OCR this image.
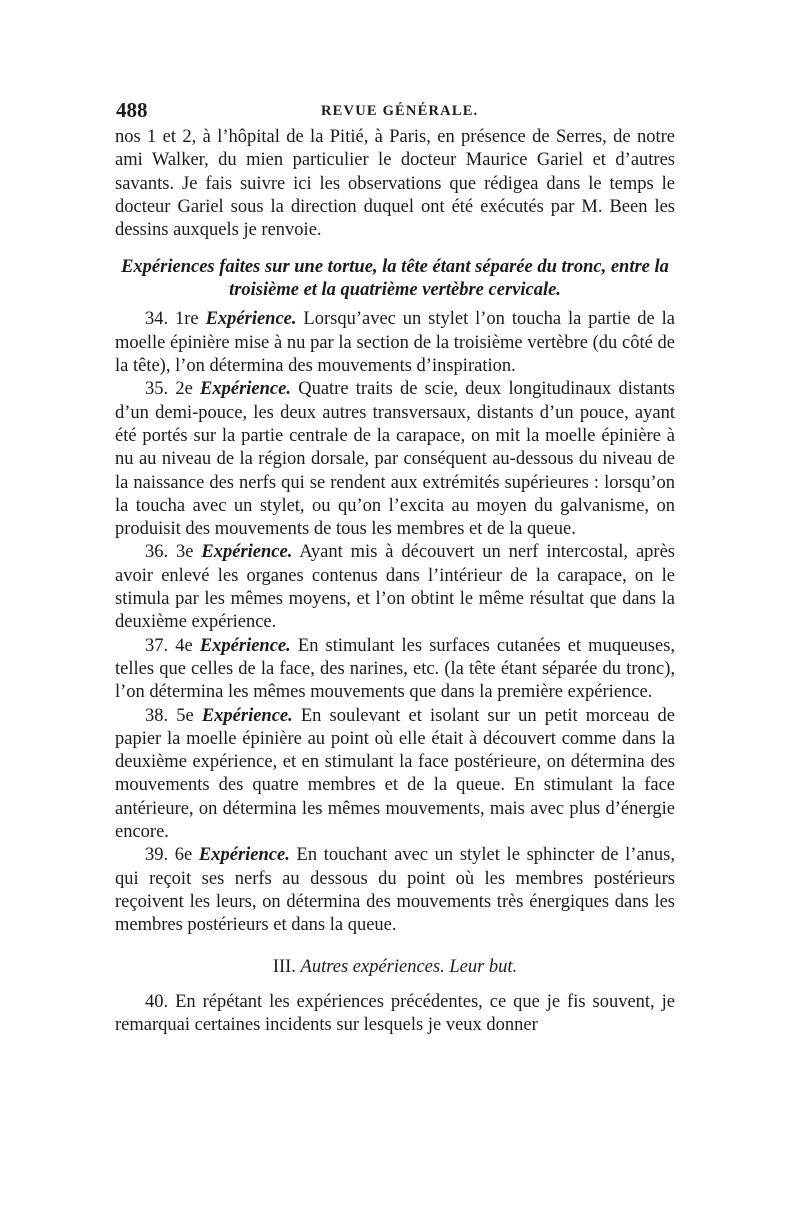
488	REVUE GÉNÉRALE.

nos 1 et 2, à l’hôpital de la Pitié, à Paris, en présence de Serres, de notre ami Walker, du mien particulier le docteur Maurice Gariel et d’autres savants. Je fais suivre ici les observations que rédigea dans le temps le docteur Gariel sous la direction duquel ont été exécutés par M. Been les dessins auxquels je renvoie.

Expériences faites sur une tortue, la tête étant séparée du tronc, entre la troisième et la quatrième vertèbre cervicale.

34. 1re Expérience. Lorsqu’avec un stylet l’on toucha la partie de la moelle épinière mise à nu par la section de la troisième vertèbre (du côté de la tête), l’on détermina des mouvements d’inspiration.

35. 2e Expérience. Quatre traits de scie, deux longitudinaux distants d’un demi-pouce, les deux autres transversaux, distants d’un pouce, ayant été portés sur la partie centrale de la carapace, on mit la moelle épinière à nu au niveau de la région dorsale, par conséquent au-dessous du niveau de la naissance des nerfs qui se rendent aux extrémités supérieures : lorsqu’on la toucha avec un stylet, ou qu’on l’excita au moyen du galvanisme, on produisit des mouvements de tous les membres et de la queue.

36. 3e Expérience. Ayant mis à découvert un nerf intercostal, après avoir enlevé les organes contenus dans l’intérieur de la carapace, on le stimula par les mêmes moyens, et l’on obtint le même résultat que dans la deuxième expérience.

37. 4e Expérience. En stimulant les surfaces cutanées et muqueuses, telles que celles de la face, des narines, etc. (la tête étant séparée du tronc), l’on détermina les mêmes mouvements que dans la première expérience.

38. 5e Expérience. En soulevant et isolant sur un petit morceau de papier la moelle épinière au point où elle était à découvert comme dans la deuxième expérience, et en stimulant la face postérieure, on détermina des mouvements des quatre membres et de la queue. En stimulant la face antérieure, on détermina les mêmes mouvements, mais avec plus d’énergie encore.

39. 6e Expérience. En touchant avec un stylet le sphincter de l’anus, qui reçoit ses nerfs au dessous du point où les membres postérieurs reçoivent les leurs, on détermina des mouvements très énergiques dans les membres postérieurs et dans la queue.

III. Autres expériences. Leur but.

40. En répétant les expériences précédentes, ce que je fis souvent, je remarquai certaines incidents sur lesquels je veux donner
